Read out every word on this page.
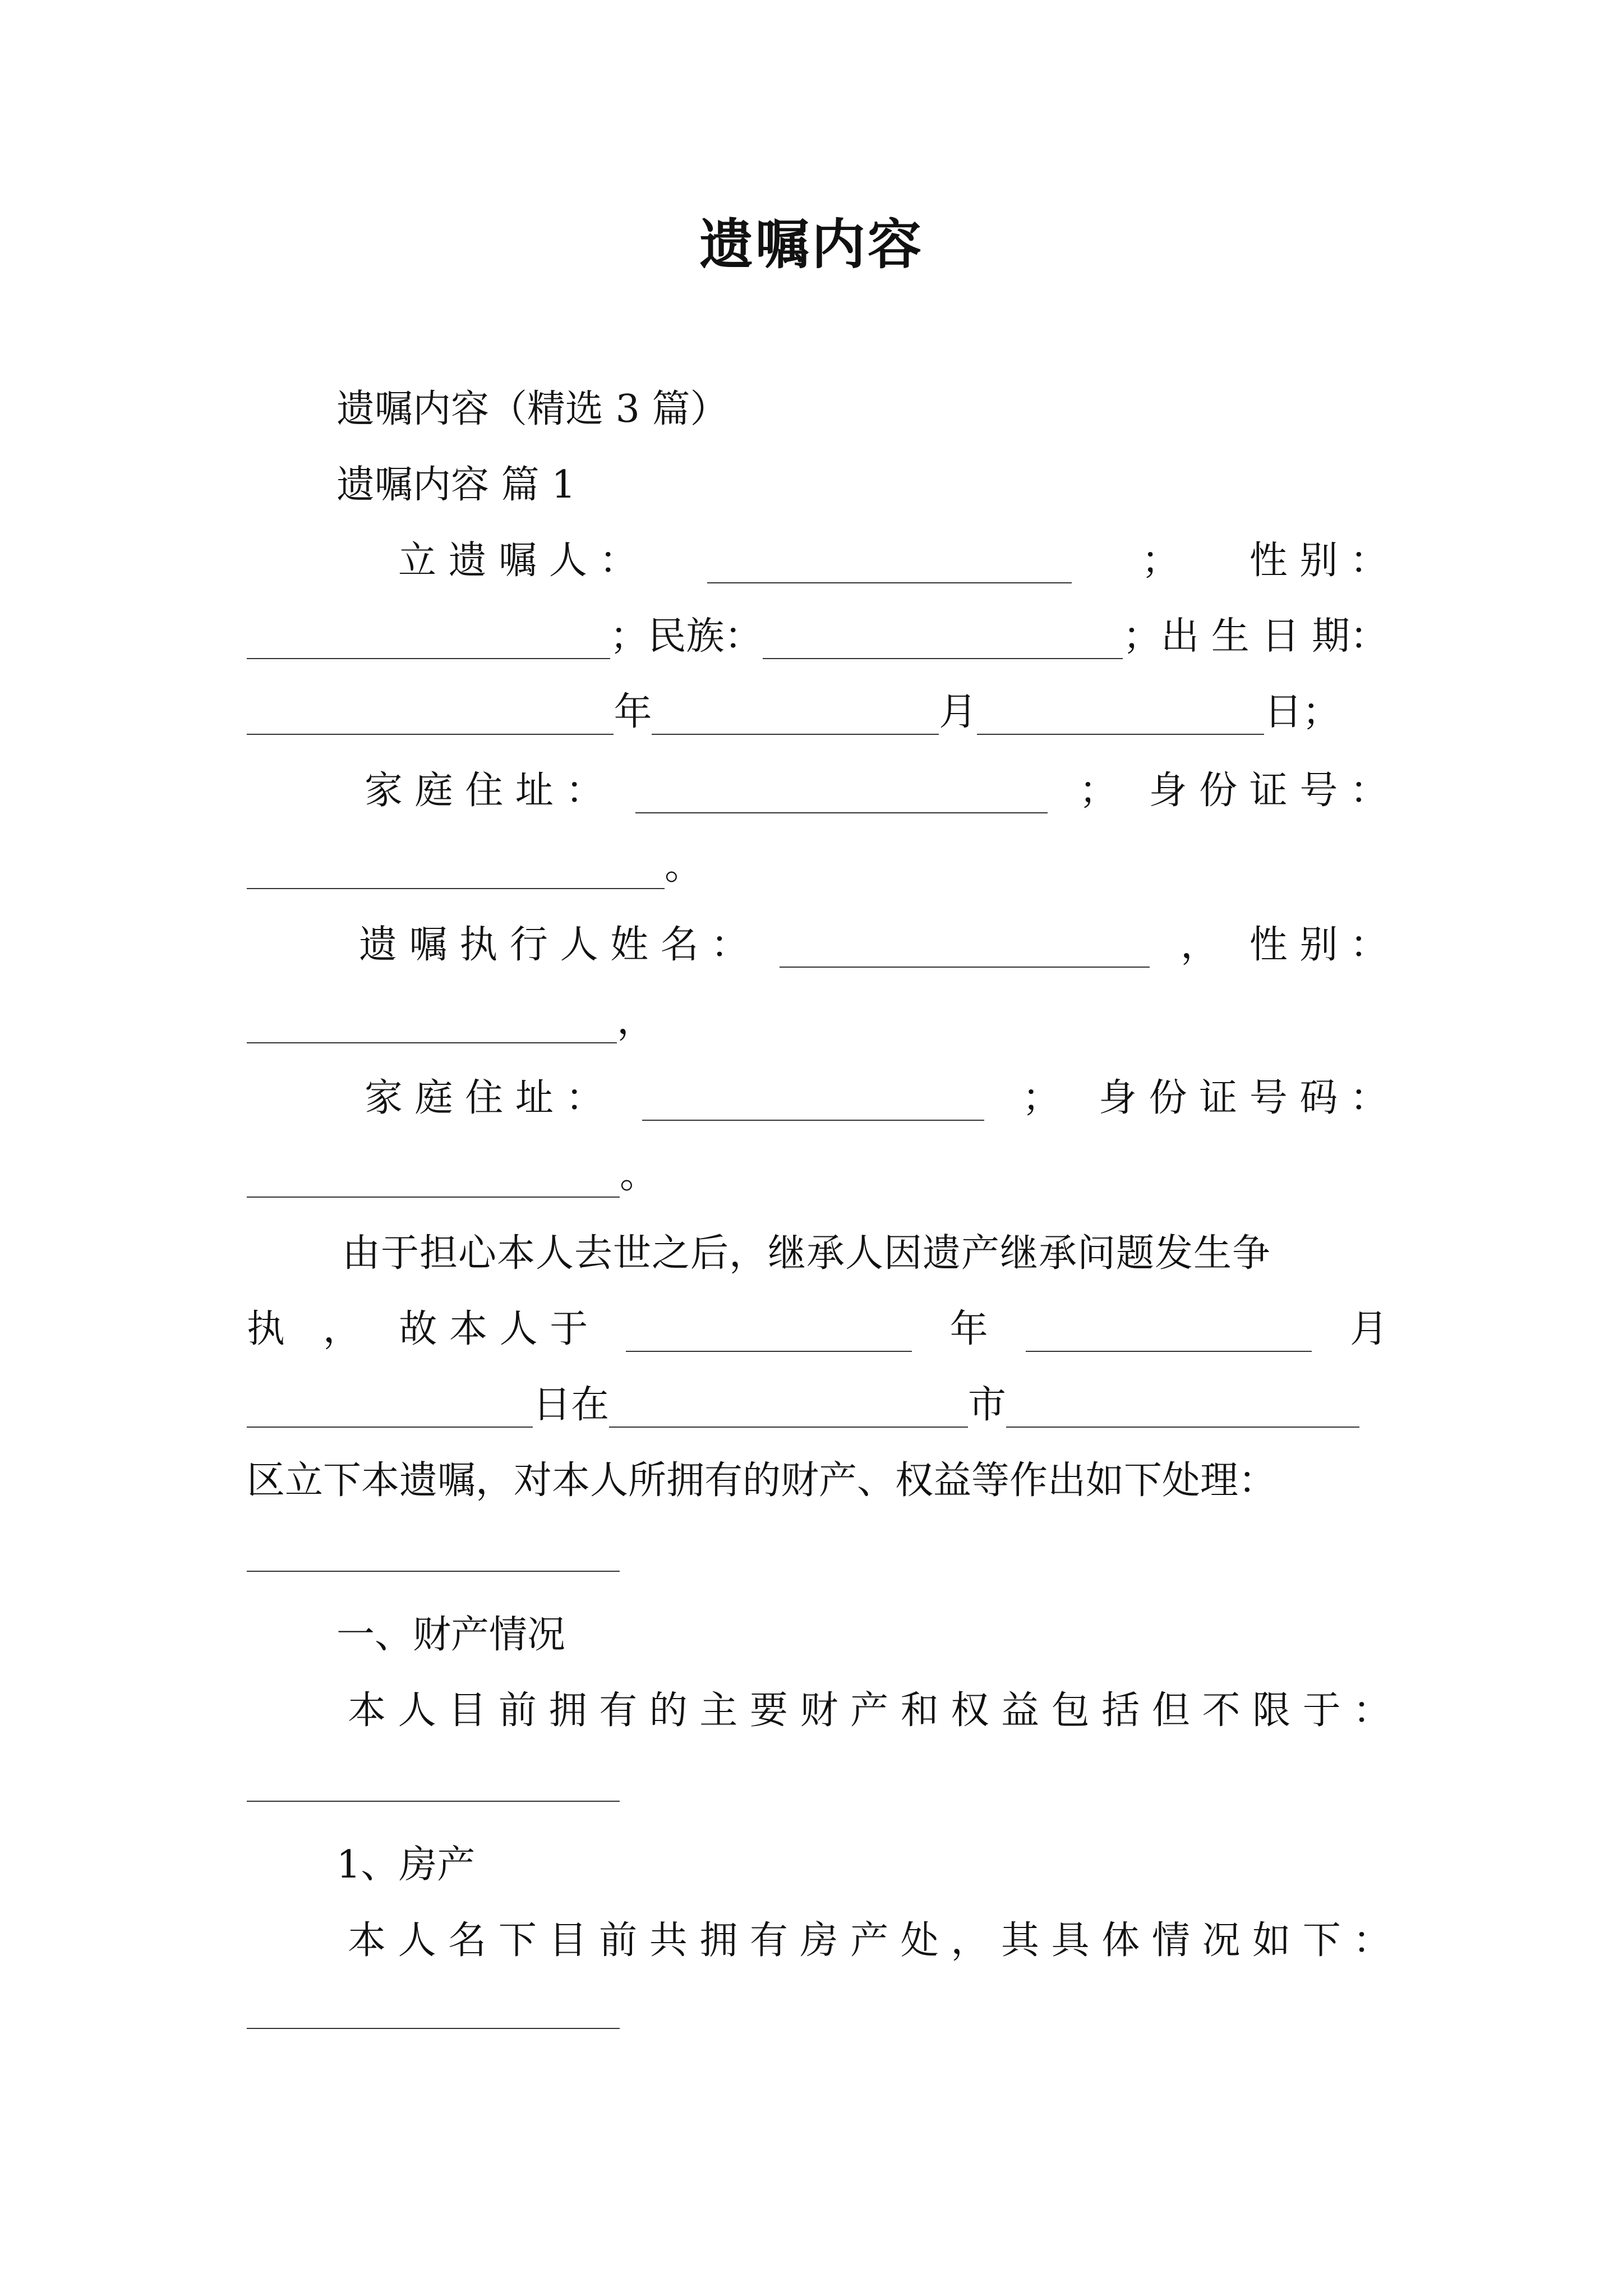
遗嘱内容
遗嘱内容（精选 3 篇）
遗嘱内容 篇 1
立 遗 嘱 人 ：	； 性 别 ：
； 民族：	； 出 生 日 期：
年	月	日；
家 庭 住 址 ：	； 身 份 证 号 ：
。
遗 嘱 执 行 人 姓 名 ：	， 性 别 ：
，
家 庭 住 址 ：	； 身 份 证 号 码 ：
。
由于担心本人去世之后，继承人因遗产继承问题发生争
执 ， 故 本 人 于	年	月
日在	市
区立下本遗嘱，对本人所拥有的财产、权益等作出如下处理：
一、财产情况
本 人 目 前 拥 有 的 主 要 财 产 和 权 益 包 括 但 不 限 于 ：
1、房产
本 人 名 下 目 前 共 拥 有 房 产 处 ， 其 具 体 情 况 如 下 ：
